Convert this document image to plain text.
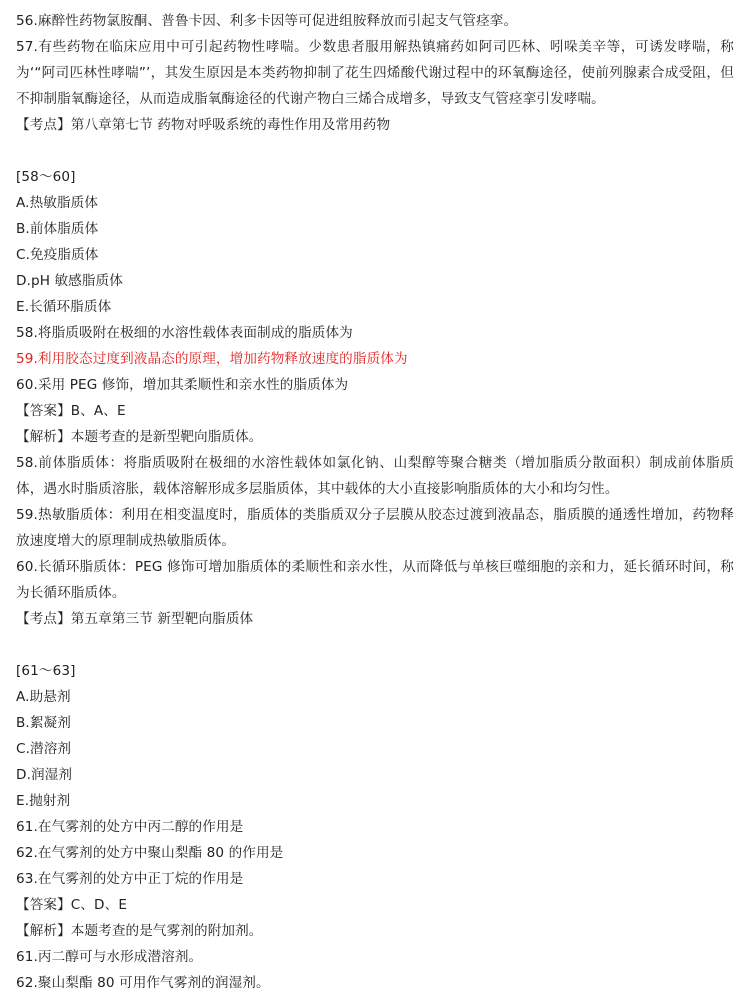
56.麻醉性药物氯胺酮、普鲁卡因、利多卡因等可促进组胺释放而引起支气管痉挛。
57.有些药物在临床应用中可引起药物性哮喘。少数患者服用解热镇痛药如阿司匹林、吲哚美辛等，可诱发哮喘，称为‘“阿司匹林性哮喘”’，其发生原因是本类药物抑制了花生四烯酸代谢过程中的环氧酶途径，使前列腺素合成受阻，但不抑制脂氧酶途径，从而造成脂氧酶途径的代谢产物白三烯合成增多，导致支气管痉挛引发哮喘。
【考点】第八章第七节 药物对呼吸系统的毒性作用及常用药物
[58～60]
A.热敏脂质体
B.前体脂质体
C.免疫脂质体
D.pH 敏感脂质体
E.长循环脂质体
58.将脂质吸附在极细的水溶性载体表面制成的脂质体为
59.利用胶态过度到液晶态的原理，增加药物释放速度的脂质体为
60.采用 PEG 修饰，增加其柔顺性和亲水性的脂质体为
【答案】B、A、E
【解析】本题考查的是新型靶向脂质体。
58.前体脂质体：将脂质吸附在极细的水溶性载体如氯化钠、山梨醇等聚合糖类（增加脂质分散面积）制成前体脂质体，遇水时脂质溶胀，载体溶解形成多层脂质体，其中载体的大小直接影响脂质体的大小和均匀性。
59.热敏脂质体：利用在相变温度时，脂质体的类脂质双分子层膜从胶态过渡到液晶态，脂质膜的通透性增加，药物释放速度增大的原理制成热敏脂质体。
60.长循环脂质体：PEG 修饰可增加脂质体的柔顺性和亲水性，从而降低与单核巨噬细胞的亲和力，延长循环时间，称为长循环脂质体。
【考点】第五章第三节 新型靶向脂质体
[61～63]
A.助悬剂
B.絮凝剂
C.潜溶剂
D.润湿剂
E.抛射剂
61.在气雾剂的处方中丙二醇的作用是
62.在气雾剂的处方中聚山梨酯 80 的作用是
63.在气雾剂的处方中正丁烷的作用是
【答案】C、D、E
【解析】本题考查的是气雾剂的附加剂。
61.丙二醇可与水形成潜溶剂。
62.聚山梨酯 80 可用作气雾剂的润湿剂。
